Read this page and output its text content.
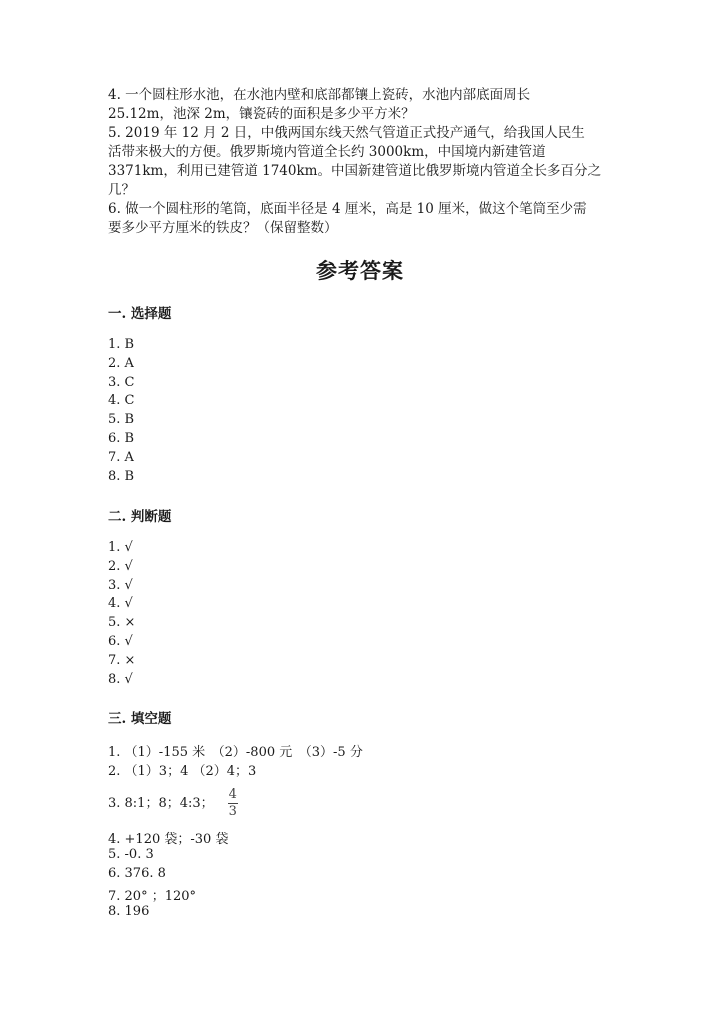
4. 一个圆柱形水池，在水池内壁和底部都镶上瓷砖，水池内部底面周长
25.12m，池深 2m，镶瓷砖的面积是多少平方米？

5. 2019 年 12 月 2 日，中俄两国东线天然气管道正式投产通气，给我国人民生
活带来极大的方便。俄罗斯境内管道全长约 3000km，中国境内新建管道
3371km，利用已建管道 1740km。中国新建管道比俄罗斯境内管道全长多百分之
几？

6. 做一个圆柱形的笔筒，底面半径是 4 厘米，高是 10 厘米，做这个笔筒至少需
要多少平方厘米的铁皮？（保留整数）

参考答案
一. 选择题
1. B
2. A
3. C
4. C
5. B
6. B
7. A
8. B
二. 判断题
1. √
2. √
3. √
4. √
5. ×
6. √
7. ×
8. √
三. 填空题
1. （1）-155 米　（2）-800 元　（3）-5 分
2. （1）3；4 （2）4；3
3. 8:1；8；4:3； $\frac{4}{3}$
4. +120 袋；-30 袋
5. -0. 3
6. 376. 8
7. 20° ；120°
8. 196
